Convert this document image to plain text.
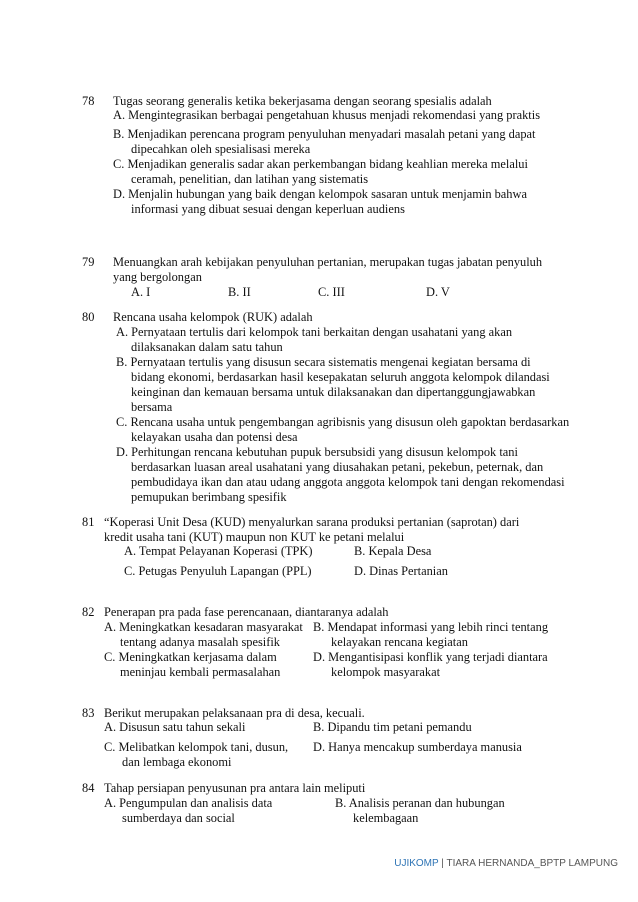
78 Tugas seorang generalis ketika bekerjasama dengan seorang spesialis adalah
A. Mengintegrasikan berbagai pengetahuan khusus menjadi rekomendasi yang praktis
B. Menjadikan perencana program penyuluhan menyadari masalah petani yang dapat
dipecahkan oleh spesialisasi mereka
C. Menjadikan generalis sadar akan perkembangan bidang keahlian mereka melalui
ceramah, penelitian, dan latihan yang sistematis
D. Menjalin hubungan yang baik dengan kelompok sasaran untuk menjamin bahwa
informasi yang dibuat sesuai dengan keperluan audiens
79 Menuangkan arah kebijakan penyuluhan pertanian, merupakan tugas jabatan penyuluh
yang bergolongan
A. I	B. II	C. III	D. V
80 Rencana usaha kelompok (RUK) adalah
A. Pernyataan tertulis dari kelompok tani berkaitan dengan usahatani yang akan
dilaksanakan dalam satu tahun
B. Pernyataan tertulis yang disusun secara sistematis mengenai kegiatan bersama di
bidang ekonomi, berdasarkan hasil kesepakatan seluruh anggota kelompok dilandasi
keinginan dan kemauan bersama untuk dilaksanakan dan dipertanggungjawabkan
bersama
C. Rencana usaha untuk pengembangan agribisnis yang disusun oleh gapoktan berdasarkan
kelayakan usaha dan potensi desa
D. Perhitungan rencana kebutuhan pupuk bersubsidi yang disusun kelompok tani
berdasarkan luasan areal usahatani yang diusahakan petani, pekebun, peternak, dan
pembudidaya ikan dan atau udang anggota anggota kelompok tani dengan rekomendasi
pemupukan berimbang spesifik
81 “Koperasi Unit Desa (KUD) menyalurkan sarana produksi pertanian (saprotan) dari
kredit usaha tani (KUT) maupun non KUT ke petani melalui
A. Tempat Pelayanan Koperasi (TPK)	B. Kepala Desa
C. Petugas Penyuluh Lapangan (PPL)	D. Dinas Pertanian
82 Penerapan pra pada fase perencanaan, diantaranya adalah
A. Meningkatkan kesadaran masyarakat
tentang adanya masalah spesifik
B. Mendapat informasi yang lebih rinci tentang
kelayakan rencana kegiatan
C. Meningkatkan kerjasama dalam
meninjau kembali permasalahan
D. Mengantisipasi konflik yang terjadi diantara
kelompok masyarakat
83 Berikut merupakan pelaksanaan pra di desa, kecuali.
A. Disusun satu tahun sekali	B. Dipandu tim petani pemandu
C. Melibatkan kelompok tani, dusun,
dan lembaga ekonomi
D. Hanya mencakup sumberdaya manusia
84 Tahap persiapan penyusunan pra antara lain meliputi
A. Pengumpulan dan analisis data
sumberdaya dan social
B. Analisis peranan dan hubungan
kelembagaan
UJIKOMP | TIARA HERNANDA_BPTP LAMPUNG
